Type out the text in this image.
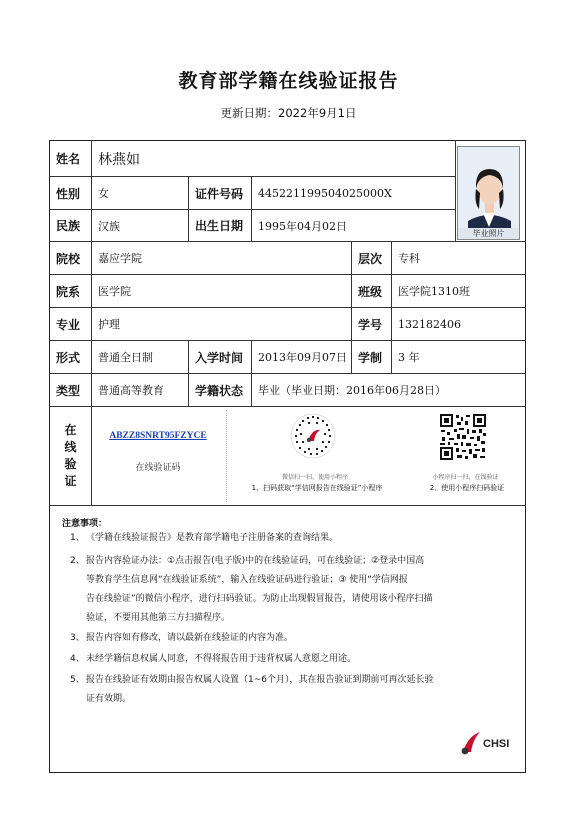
教育部学籍在线验证报告
更新日期：2022年9月1日
姓名	林燕如
性别	女	证件号码	445221199504025000X
民族	汉族	出生日期	1995年04月02日
毕业照片
院校	嘉应学院	层次	专科
院系	医学院	班级	医学院1310班
专业	护理	学号	132182406
形式	普通全日制	入学时间	2013年09月07日 学制	3 年
类型	普通高等教育	学籍状态	毕业（毕业日期：2016年06月28日）
在
线
验
证
ABZZ8SNRT95FZYCE
在线验证码
微信扫一扫，使用小程序
1、扫码获取“学信网报告在线验证”小程序
小程序扫一扫，在线验证
2、使用小程序扫码验证
注意事项：
1、《学籍在线验证报告》是教育部学籍电子注册备案的查询结果。
2、报告内容验证办法：①点击报告(电子版)中的在线验证码，可在线验证；②登录中国高
等教育学生信息网“在线验证系统”，输入在线验证码进行验证；③ 使用“学信网报
告在线验证”的微信小程序，进行扫码验证。为防止出现假冒报告，请使用该小程序扫描
验证，不要用其他第三方扫描程序。
3、报告内容如有修改，请以最新在线验证的内容为准。
4、未经学籍信息权属人同意，不得将报告用于违背权属人意愿之用途。
5、报告在线验证有效期由报告权属人设置（1~6个月），其在报告验证到期前可再次延长验
证有效期。
CHSI
